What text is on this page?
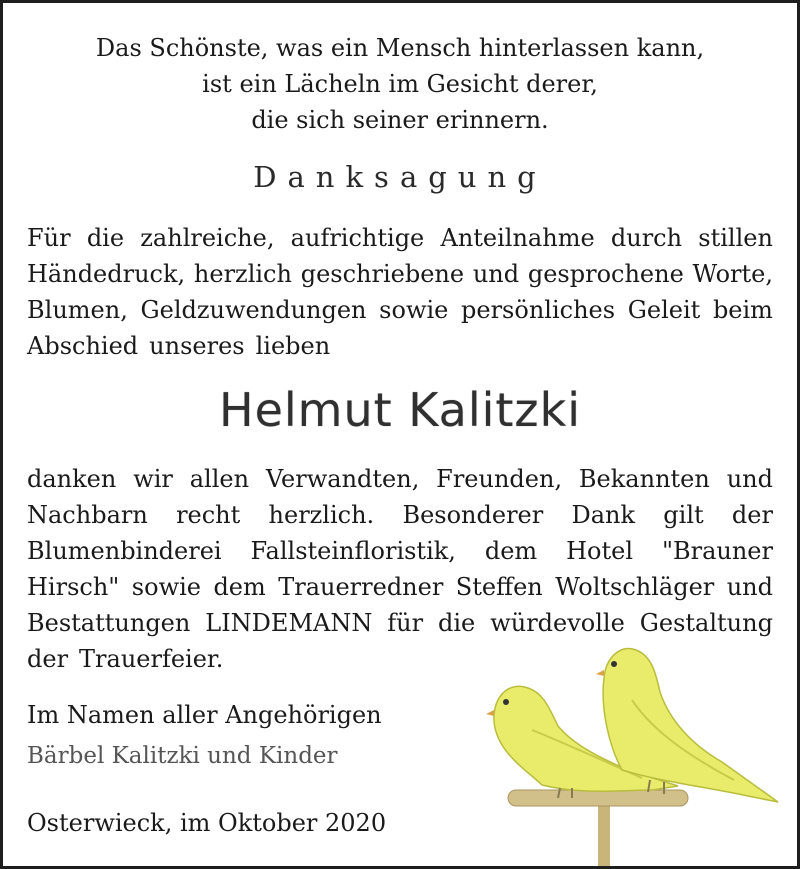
Das Schönste, was ein Mensch hinterlassen kann,
ist ein Lächeln im Gesicht derer,
die sich seiner erinnern.
Danksagung
Für die zahlreiche, aufrichtige Anteilnahme durch stillen
Händedruck, herzlich geschriebene und gesprochene Worte,
Blumen, Geldzuwendungen sowie persönliches Geleit beim
Abschied unseres lieben
Helmut Kalitzki
danken wir allen Verwandten, Freunden, Bekannten und
Nachbarn recht herzlich. Besonderer Dank gilt der
Blumenbinderei Fallsteinfloristik, dem Hotel "Brauner
Hirsch" sowie dem Trauerredner Steffen Woltschläger und
Bestattungen LINDEMANN für die würdevolle Gestaltung
der Trauerfeier.
Im Namen aller Angehörigen
Bärbel Kalitzki und Kinder
Osterwieck, im Oktober 2020
